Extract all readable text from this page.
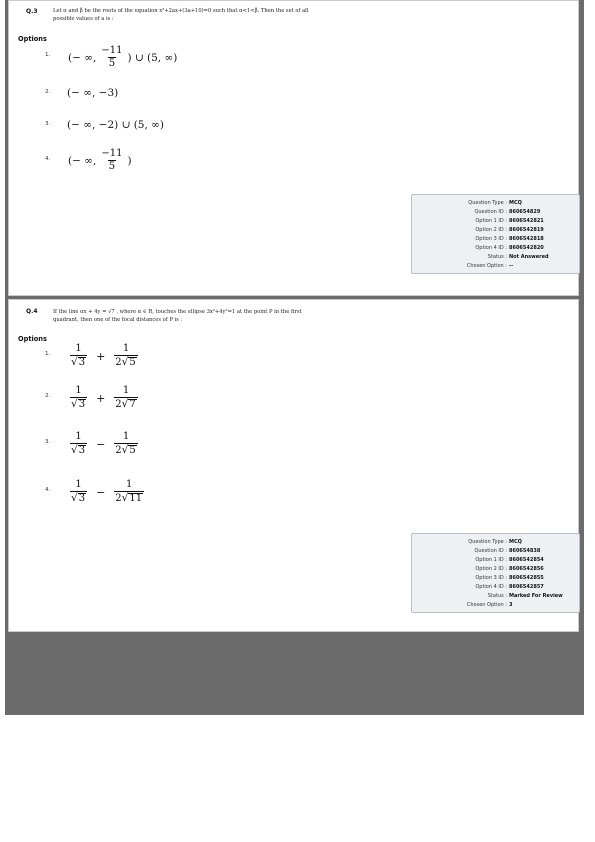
Q.3	Let α and β be the roots of the equation x²+2ax+(3a+10)=0 such that α<1<β. Then the set of all
possible values of a is :
Options
1. (− ∞, $\frac{-11}{5}$ ) ∪ (5, ∞)
2. (− ∞, −3)
3. (− ∞, −2) ∪ (5, ∞)
4. (− ∞, $\frac{-11}{5}$ )
Question Type : MCQ
Question ID : 860654829
Option 1 ID : 8606542821
Option 2 ID : 8606542819
Option 3 ID : 8606542818
Option 4 ID : 8606542820
Status : Not Answered
Chosen Option : --
Q.4	If the line αx + 4y = √7 , where α ∈ R, touches the ellipse 3x²+4y²=1 at the point P in the first
quadrant, then one of the focal distances of P is :
Options
1. $\frac{1}{√ 3} + \frac{1}{2 √ 5}$
2. $\frac{1}{√ 3} + \frac{1}{2 √ 7}$
3. $\frac{1}{√ 3} - \frac{1}{2 √ 5}$
4. $\frac{1}{√ 3} - \frac{1}{2 √ 11}$
Question Type : MCQ
Question ID : 860654838
Option 1 ID : 8606542854
Option 2 ID : 8606542856
Option 3 ID : 8606542855
Option 4 ID : 8606542857
Status : Marked For Review
Chosen Option : 3
